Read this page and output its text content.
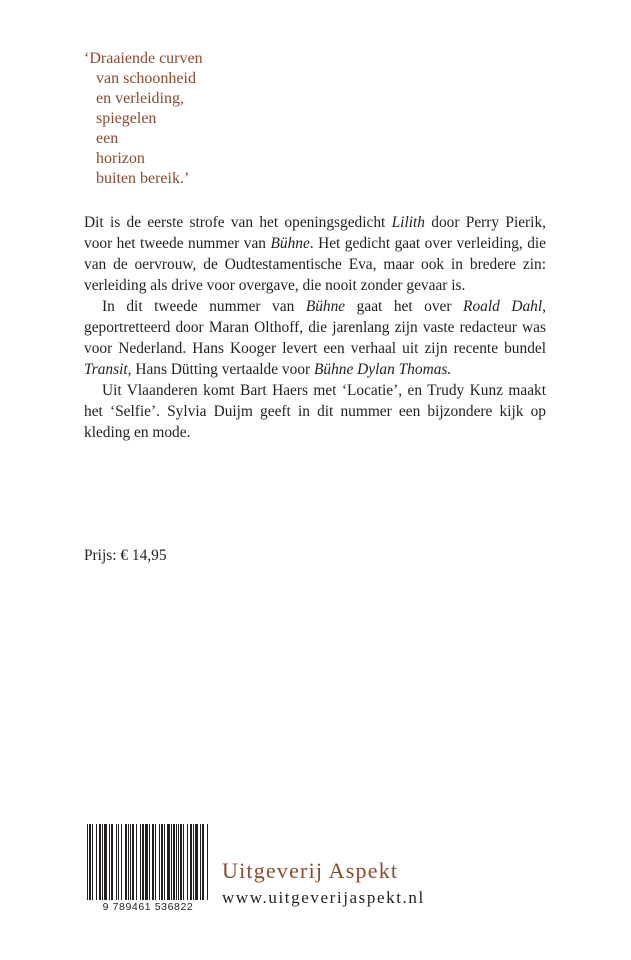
‘Draaiende curven
van schoonheid
en verleiding,
spiegelen
een
horizon
buiten bereik.’

Dit is de eerste strofe van het openingsgedicht Lilith door Perry Pierik, voor het tweede nummer van Bühne. Het gedicht gaat over verleiding, die van de oervrouw, de Oudtestamentische Eva, maar ook in bredere zin: verleiding als drive voor overgave, die nooit zonder gevaar is.

In dit tweede nummer van Bühne gaat het over Roald Dahl, geportretteerd door Maran Olthoff, die jarenlang zijn vaste redacteur was voor Nederland. Hans Kooger levert een verhaal uit zijn recente bundel Transit, Hans Dütting vertaalde voor Bühne Dylan Thomas.

Uit Vlaanderen komt Bart Haers met ‘Locatie’, en Trudy Kunz maakt het ‘Selfie’. Sylvia Duijm geeft in dit nummer een bijzondere kijk op kleding en mode.

Prijs: € 14,95
9 789461 536822
Uitgeverij Aspekt
www.uitgeverijaspekt.nl
